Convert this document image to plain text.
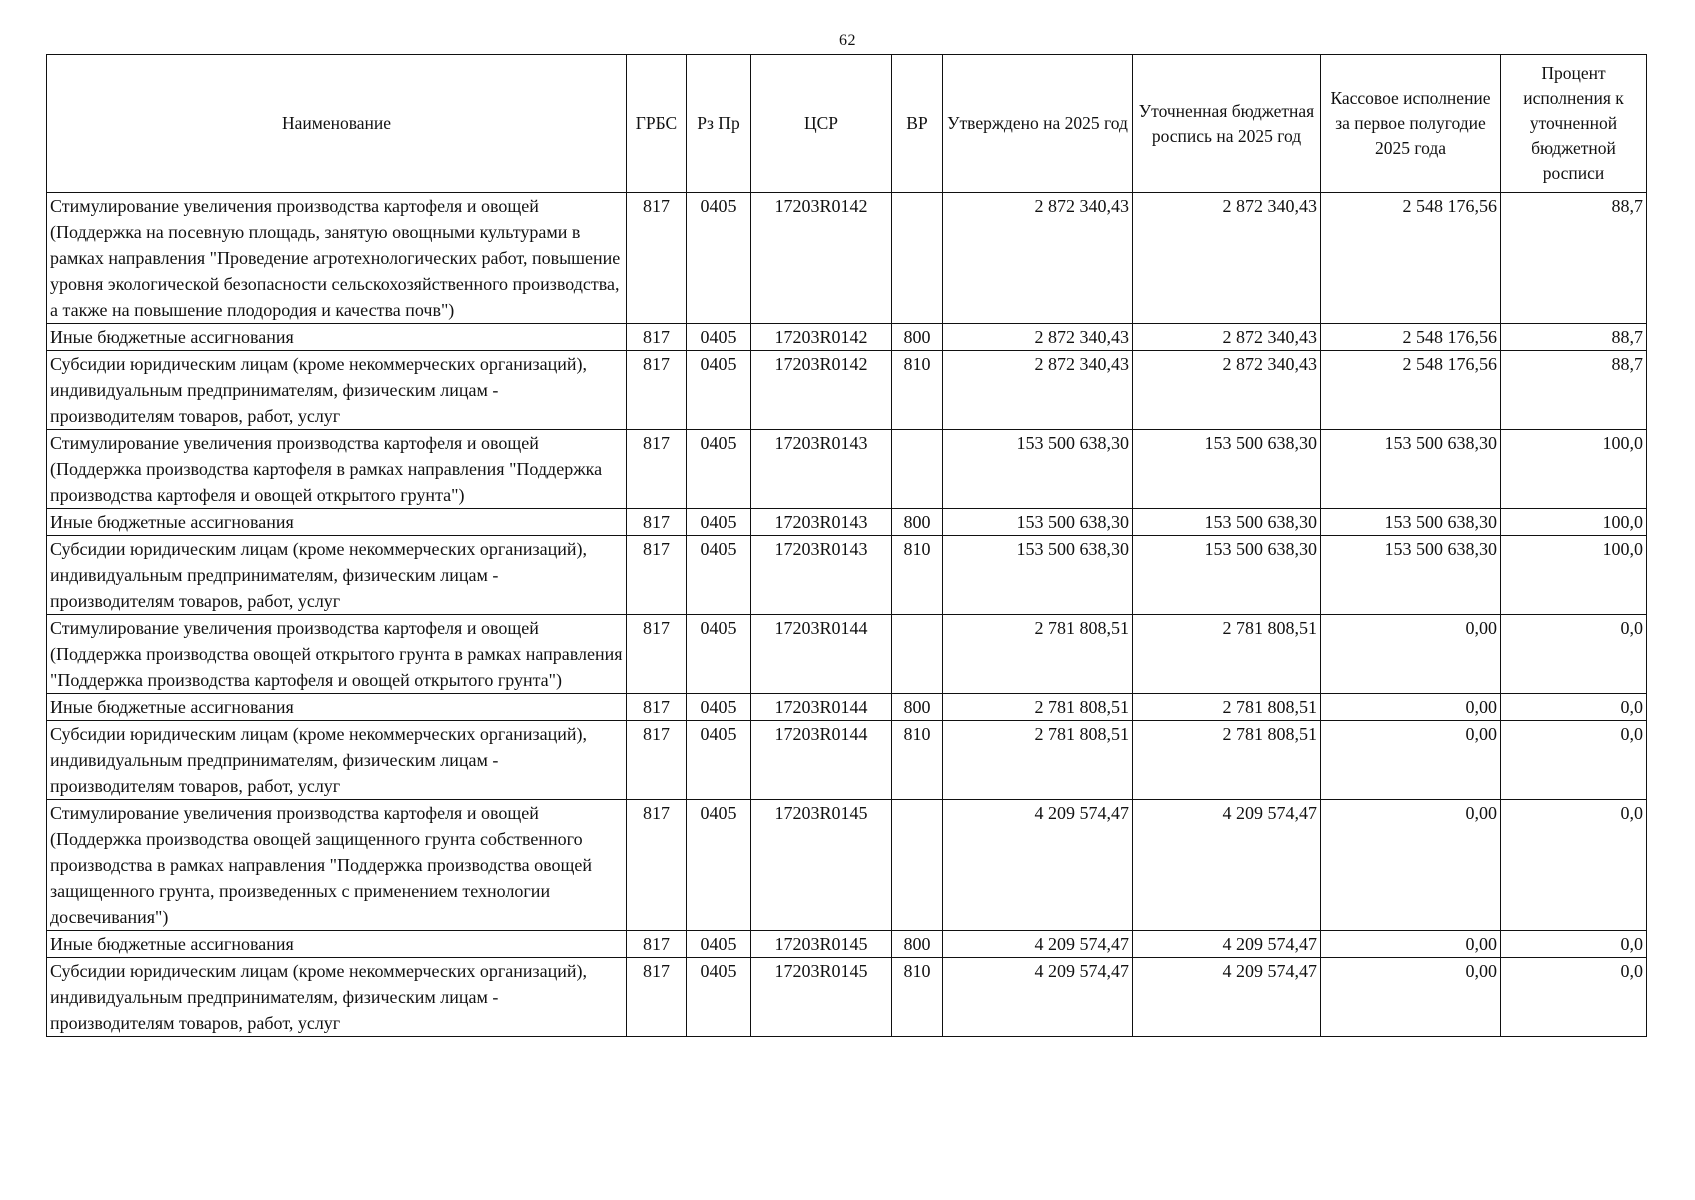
62
Наименование	ГРБС	Рз Пр	ЦСР	ВР	Утверждено на 2025 год	Уточненная бюджетная роспись на 2025 год	Кассовое исполнение за первое полугодие 2025 года	Процент исполнения к уточненной бюджетной росписи
Стимулирование увеличения производства картофеля и овощей (Поддержка на посевную площадь, занятую овощными культурами в рамках направления "Проведение агротехнологических работ, повышение уровня экологической безопасности сельскохозяйственного производства, а также на повышение плодородия и качества почв")	817	0405	17203R0142		2 872 340,43	2 872 340,43	2 548 176,56	88,7
Иные бюджетные ассигнования	817	0405	17203R0142	800	2 872 340,43	2 872 340,43	2 548 176,56	88,7
Субсидии юридическим лицам (кроме некоммерческих организаций), индивидуальным предпринимателям, физическим лицам - производителям товаров, работ, услуг	817	0405	17203R0142	810	2 872 340,43	2 872 340,43	2 548 176,56	88,7
Стимулирование увеличения производства картофеля и овощей (Поддержка производства картофеля в рамках направления "Поддержка производства картофеля и овощей открытого грунта")	817	0405	17203R0143		153 500 638,30	153 500 638,30	153 500 638,30	100,0
Иные бюджетные ассигнования	817	0405	17203R0143	800	153 500 638,30	153 500 638,30	153 500 638,30	100,0
Субсидии юридическим лицам (кроме некоммерческих организаций), индивидуальным предпринимателям, физическим лицам - производителям товаров, работ, услуг	817	0405	17203R0143	810	153 500 638,30	153 500 638,30	153 500 638,30	100,0
Стимулирование увеличения производства картофеля и овощей (Поддержка производства овощей открытого грунта в рамках направления "Поддержка производства картофеля и овощей открытого грунта")	817	0405	17203R0144		2 781 808,51	2 781 808,51	0,00	0,0
Иные бюджетные ассигнования	817	0405	17203R0144	800	2 781 808,51	2 781 808,51	0,00	0,0
Субсидии юридическим лицам (кроме некоммерческих организаций), индивидуальным предпринимателям, физическим лицам - производителям товаров, работ, услуг	817	0405	17203R0144	810	2 781 808,51	2 781 808,51	0,00	0,0
Стимулирование увеличения производства картофеля и овощей (Поддержка производства овощей защищенного грунта собственного производства в рамках направления "Поддержка производства овощей защищенного грунта, произведенных с применением технологии досвечивания")	817	0405	17203R0145		4 209 574,47	4 209 574,47	0,00	0,0
Иные бюджетные ассигнования	817	0405	17203R0145	800	4 209 574,47	4 209 574,47	0,00	0,0
Субсидии юридическим лицам (кроме некоммерческих организаций), индивидуальным предпринимателям, физическим лицам - производителям товаров, работ, услуг	817	0405	17203R0145	810	4 209 574,47	4 209 574,47	0,00	0,0
